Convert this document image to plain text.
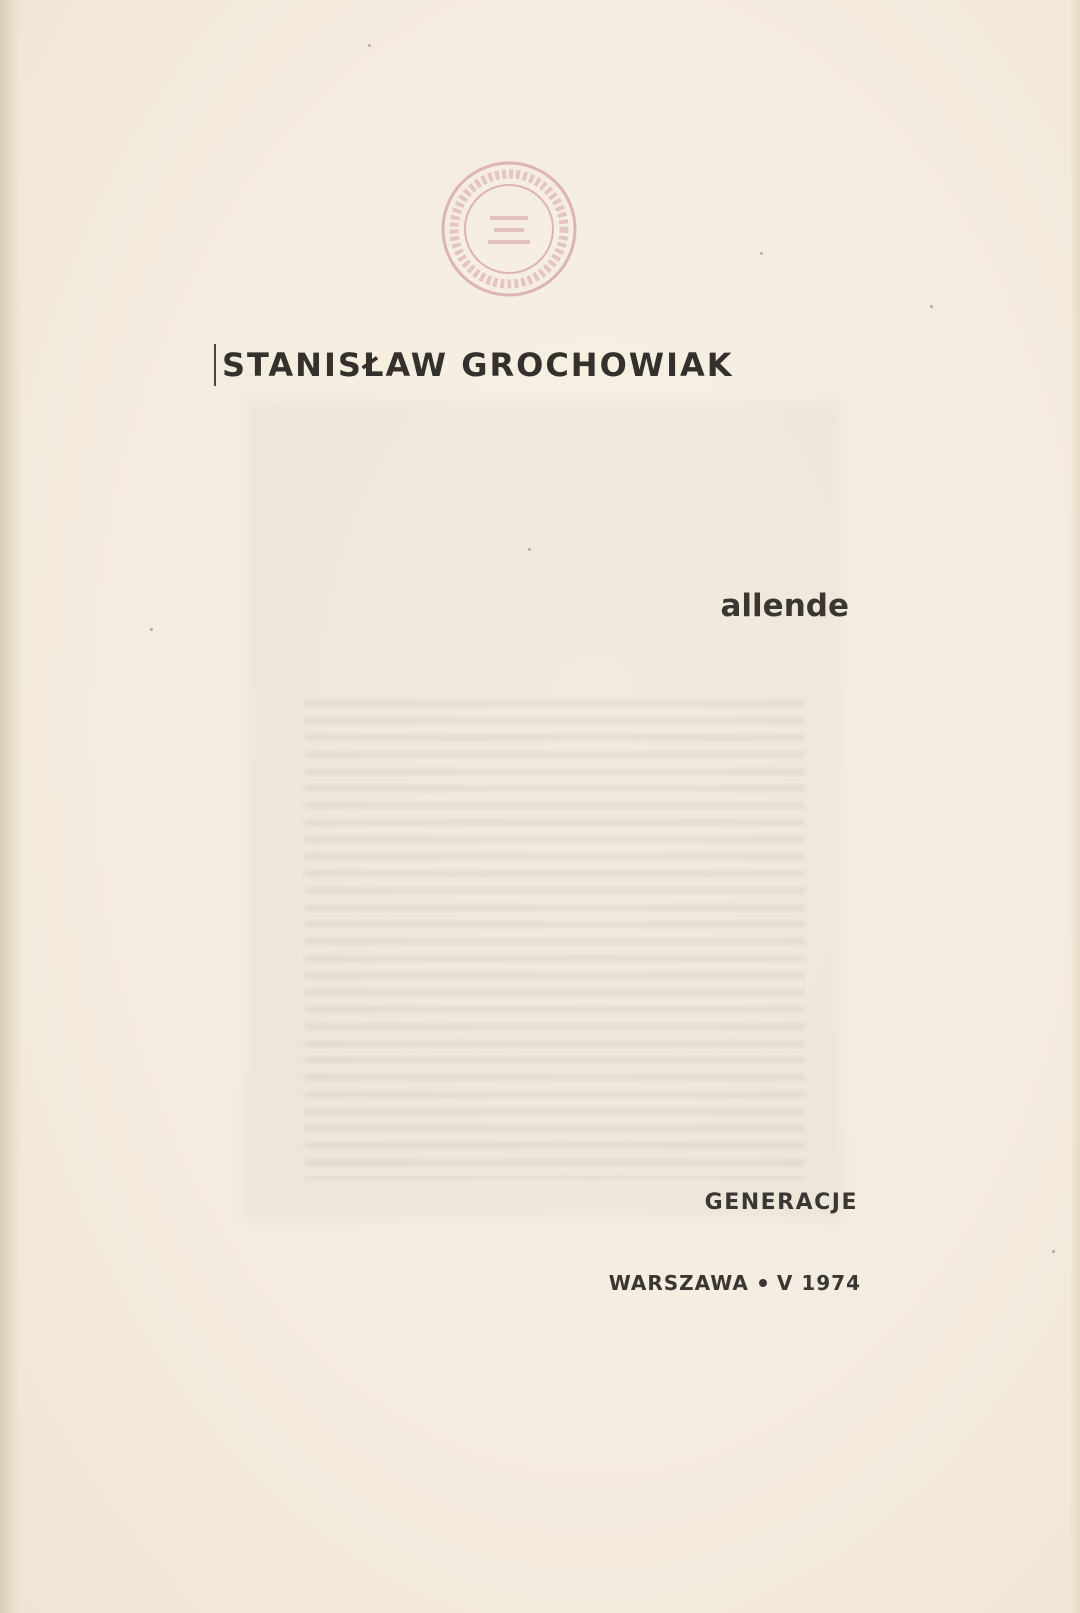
STANISŁAW GROCHOWIAK
allende
GENERACJE
WARSZAWA V 1974
